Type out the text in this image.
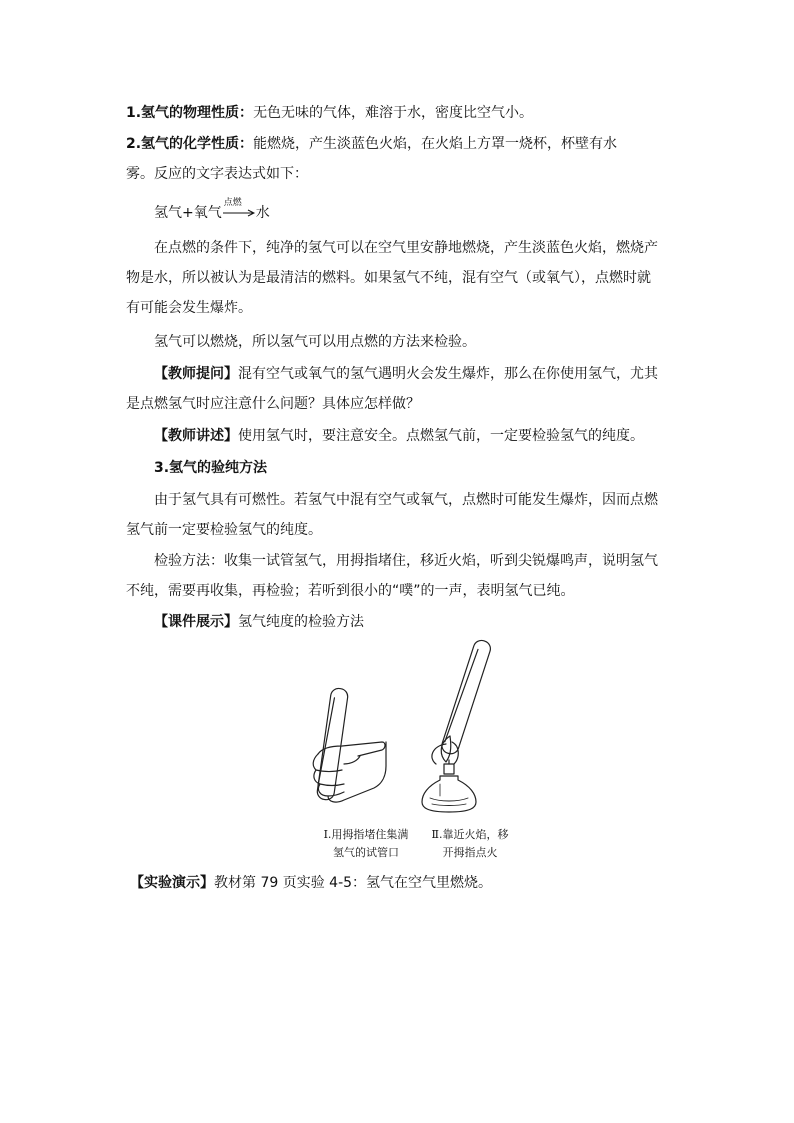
1.氢气的物理性质：无色无味的气体，难溶于水，密度比空气小。
2.氢气的化学性质：能燃烧，产生淡蓝色火焰，在火焰上方罩一烧杯，杯壁有水
雾。反应的文字表达式如下：
氢气+氧气
点燃
水
在点燃的条件下，纯净的氢气可以在空气里安静地燃烧，产生淡蓝色火焰，燃烧产
物是水，所以被认为是最清洁的燃料。如果氢气不纯，混有空气（或氧气），点燃时就
有可能会发生爆炸。
氢气可以燃烧，所以氢气可以用点燃的方法来检验。
【教师提问】混有空气或氧气的氢气遇明火会发生爆炸，那么在你使用氢气，尤其
是点燃氢气时应注意什么问题？具体应怎样做？
【教师讲述】使用氢气时，要注意安全。点燃氢气前，一定要检验氢气的纯度。
3.氢气的验纯方法
由于氢气具有可燃性。若氢气中混有空气或氧气，点燃时可能发生爆炸，因而点燃
氢气前一定要检验氢气的纯度。
检验方法：收集一试管氢气，用拇指堵住，移近火焰，听到尖锐爆鸣声，说明氢气
不纯，需要再收集，再检验；若听到很小的“噗”的一声，表明氢气已纯。
【课件展示】氢气纯度的检验方法
Ⅰ.用拇指堵住集满
氢气的试管口
Ⅱ.靠近火焰，移
开拇指点火
【实验演示】教材第 79 页实验 4-5：氢气在空气里燃烧。
